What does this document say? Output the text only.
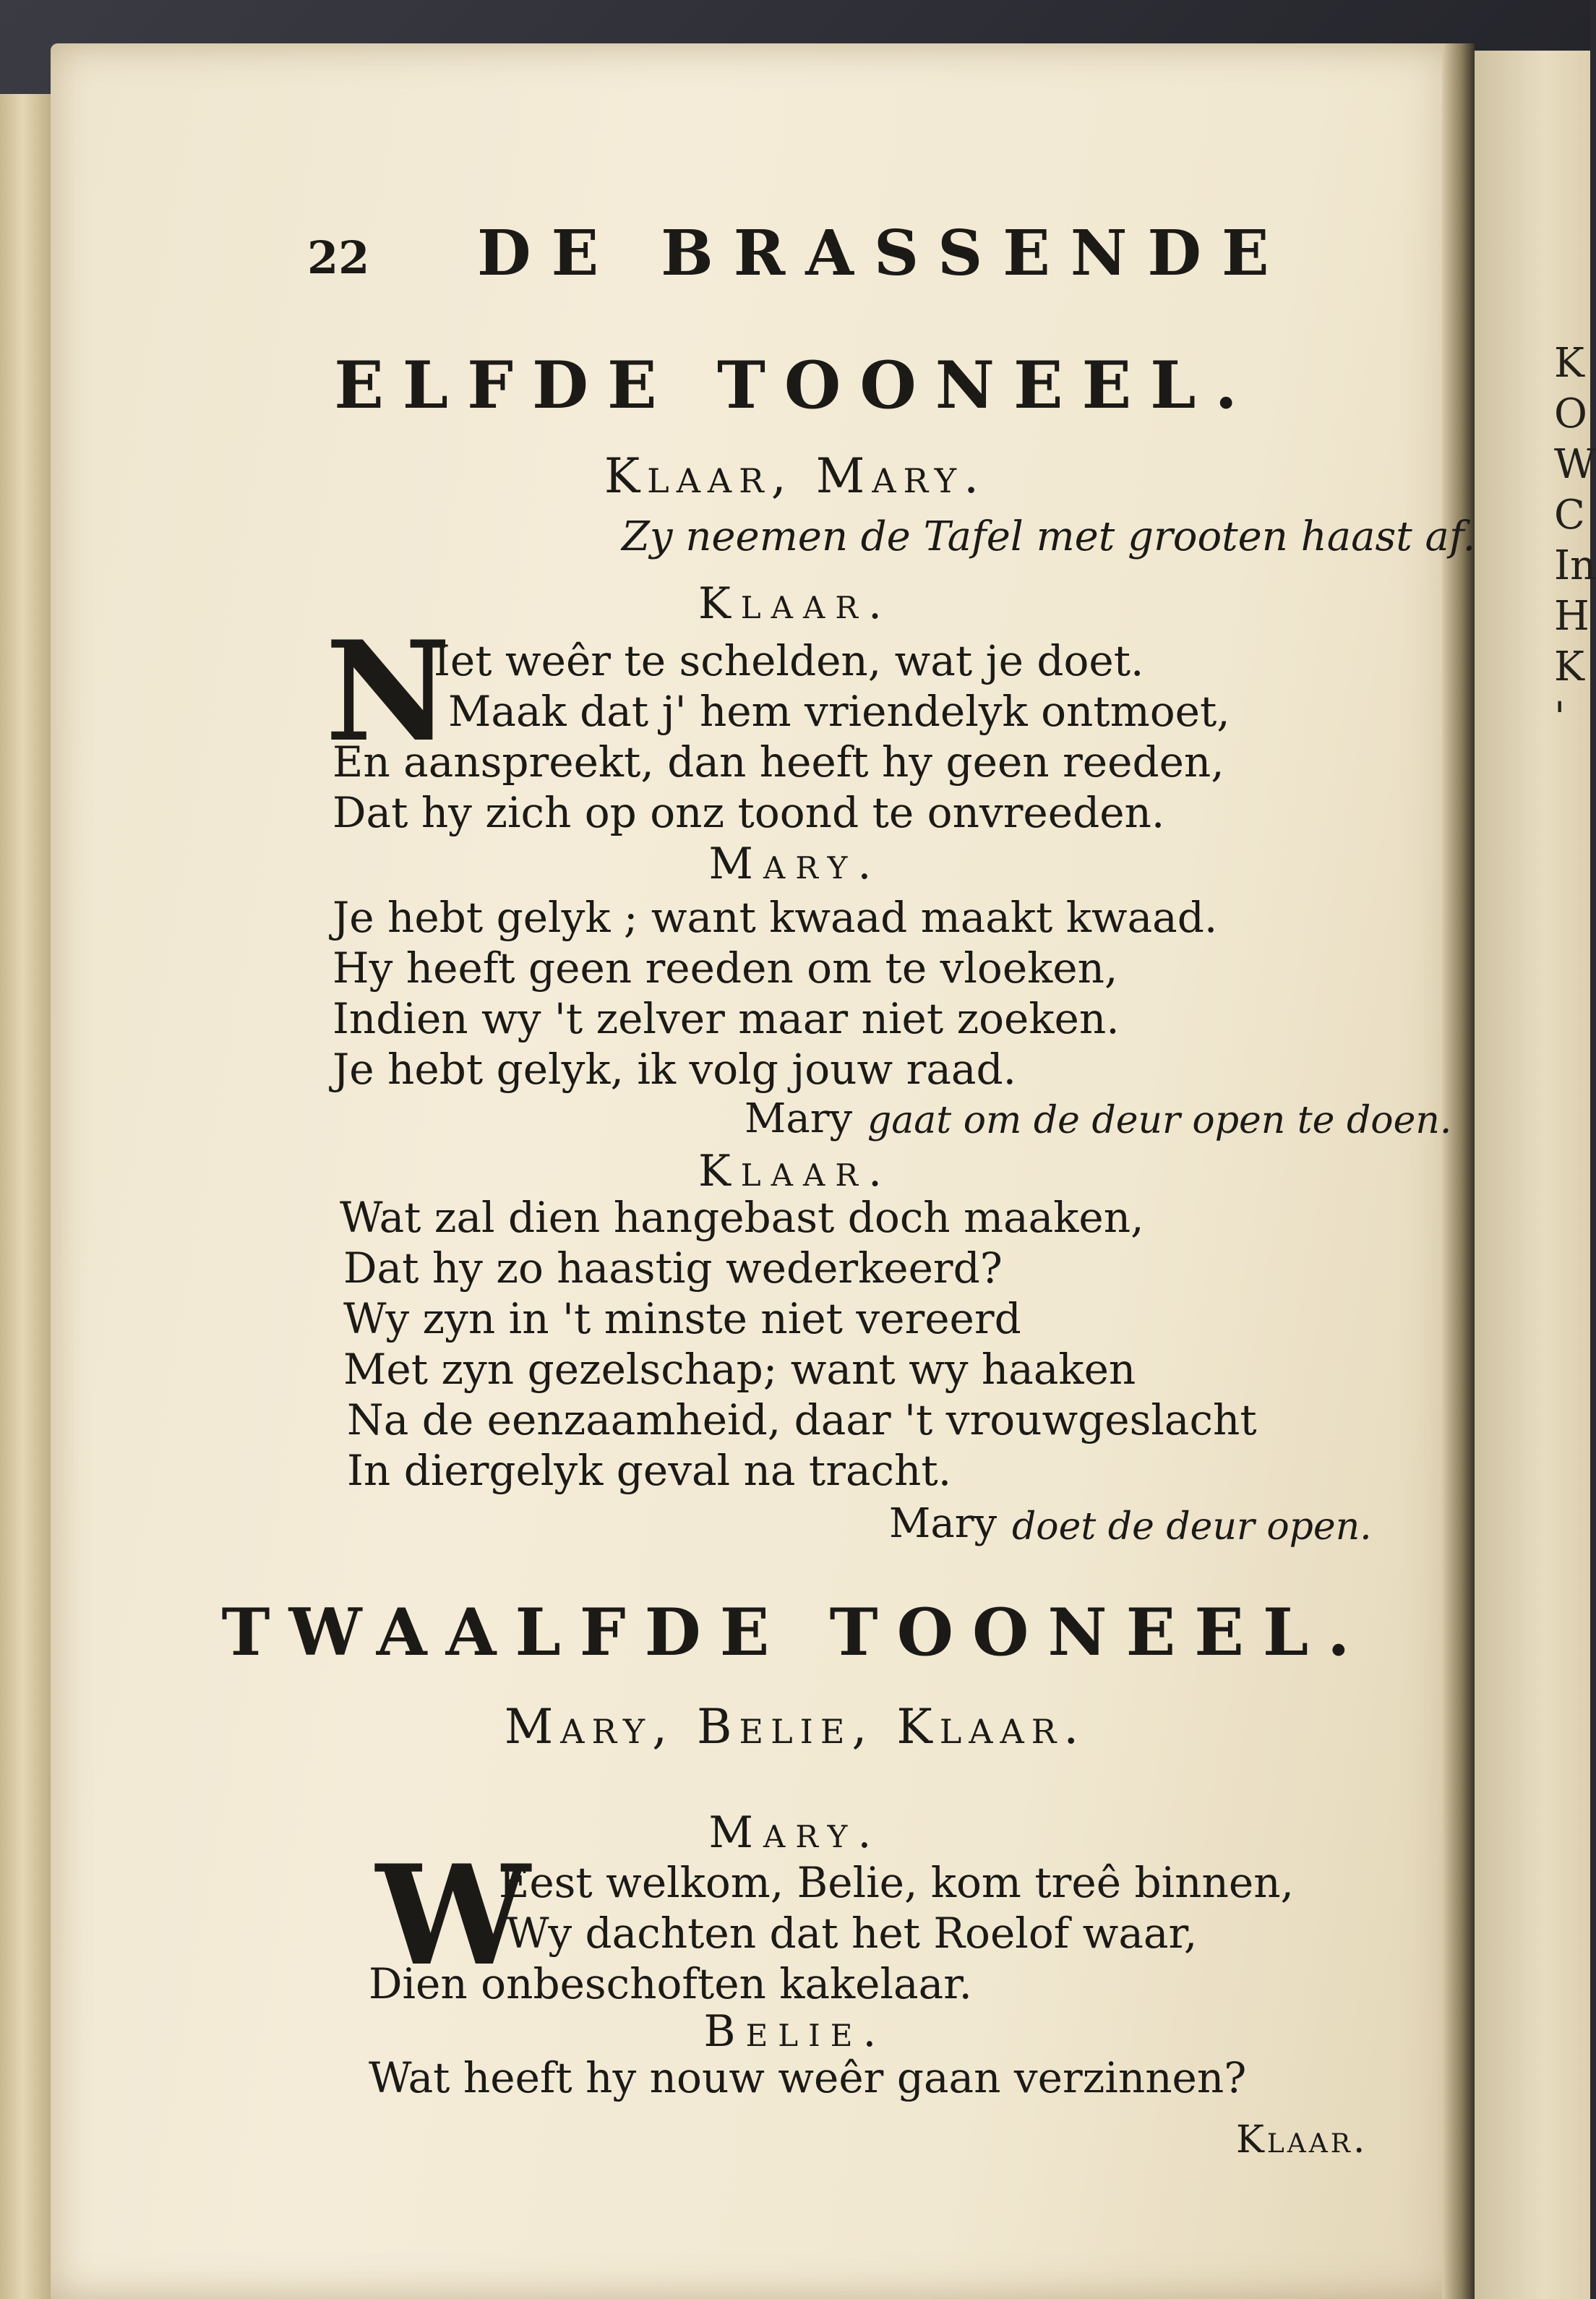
K
O
W
C
In
H
K
'
22 DE BRASSENDE
ELFDE TOONEEL.
Klaar, Mary.
Zy neemen de Tafel met grooten haast af.
Klaar.
N
Iet weêr te schelden, wat je doet.
Maak dat j' hem vriendelyk ontmoet,
En aanspreekt, dan heeft hy geen reeden,
Dat hy zich op onz toond te onvreeden.
Mary.
Je hebt gelyk ; want kwaad maakt kwaad.
Hy heeft geen reeden om te vloeken,
Indien wy 't zelver maar niet zoeken.
Je hebt gelyk, ik volg jouw raad.
Mary gaat om de deur open te doen.
Klaar.
Wat zal dien hangebast doch maaken,
Dat hy zo haastig wederkeerd?
Wy zyn in 't minste niet vereerd
Met zyn gezelschap; want wy haaken
Na de eenzaamheid, daar 't vrouwgeslacht
In diergelyk geval na tracht.
Mary doet de deur open.
TWAALFDE TOONEEL.
Mary, Belie, Klaar.
Mary.
W
Eest welkom, Belie, kom treê binnen,
Wy dachten dat het Roelof waar,
Dien onbeschoften kakelaar.
Belie.
Wat heeft hy nouw weêr gaan verzinnen?
Klaar.
